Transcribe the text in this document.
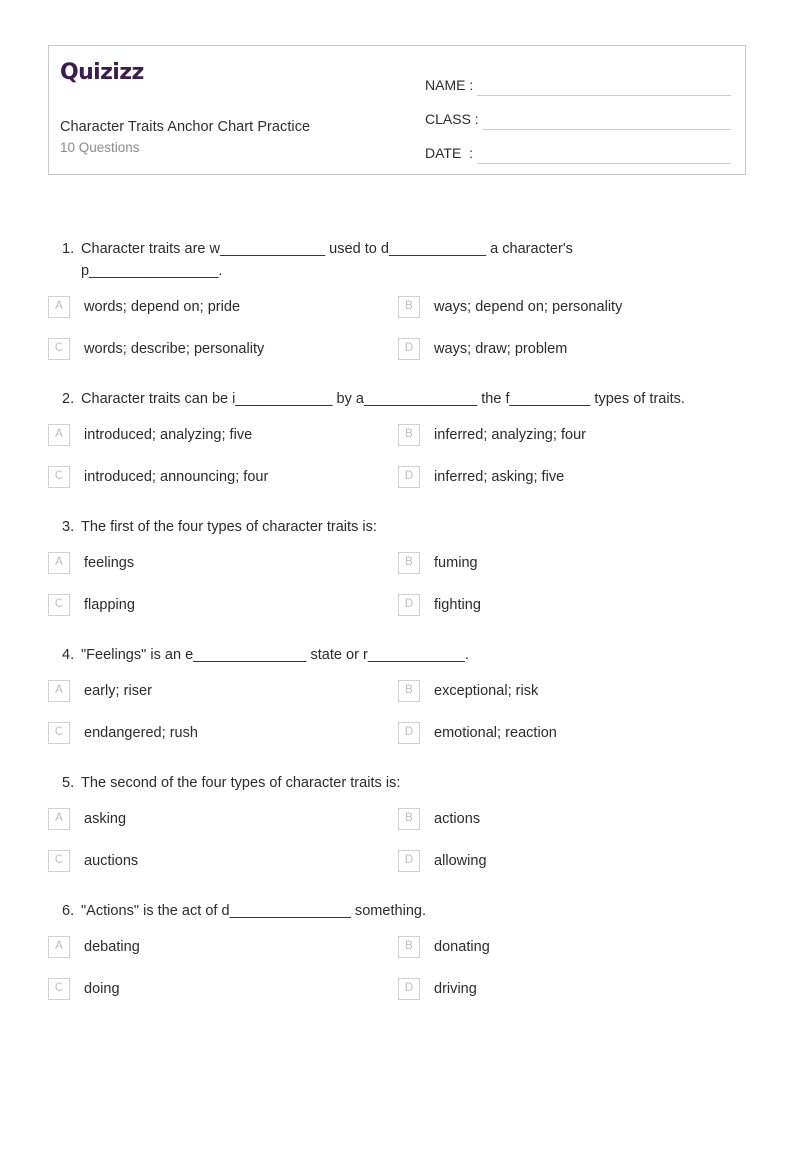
Quizizz
Character Traits Anchor Chart Practice
10 Questions
NAME :
CLASS :
DATE  :
1. Character traits are w_____________ used to d____________ a character's p________________.
A	words; depend on; pride	B	ways; depend on; personality
C	words; describe; personality	D	ways; draw; problem
2. Character traits can be i____________ by a______________ the f__________ types of traits.
A	introduced; analyzing; five	B	inferred; analyzing; four
C	introduced; announcing; four	D	inferred; asking; five
3. The first of the four types of character traits is:
A	feelings	B	fuming
C	flapping	D	fighting
4. "Feelings" is an e______________ state or r____________.
A	early; riser	B	exceptional; risk
C	endangered; rush	D	emotional; reaction
5. The second of the four types of character traits is:
A	asking	B	actions
C	auctions	D	allowing
6. "Actions" is the act of d_______________ something.
A	debating	B	donating
C	doing	D	driving
